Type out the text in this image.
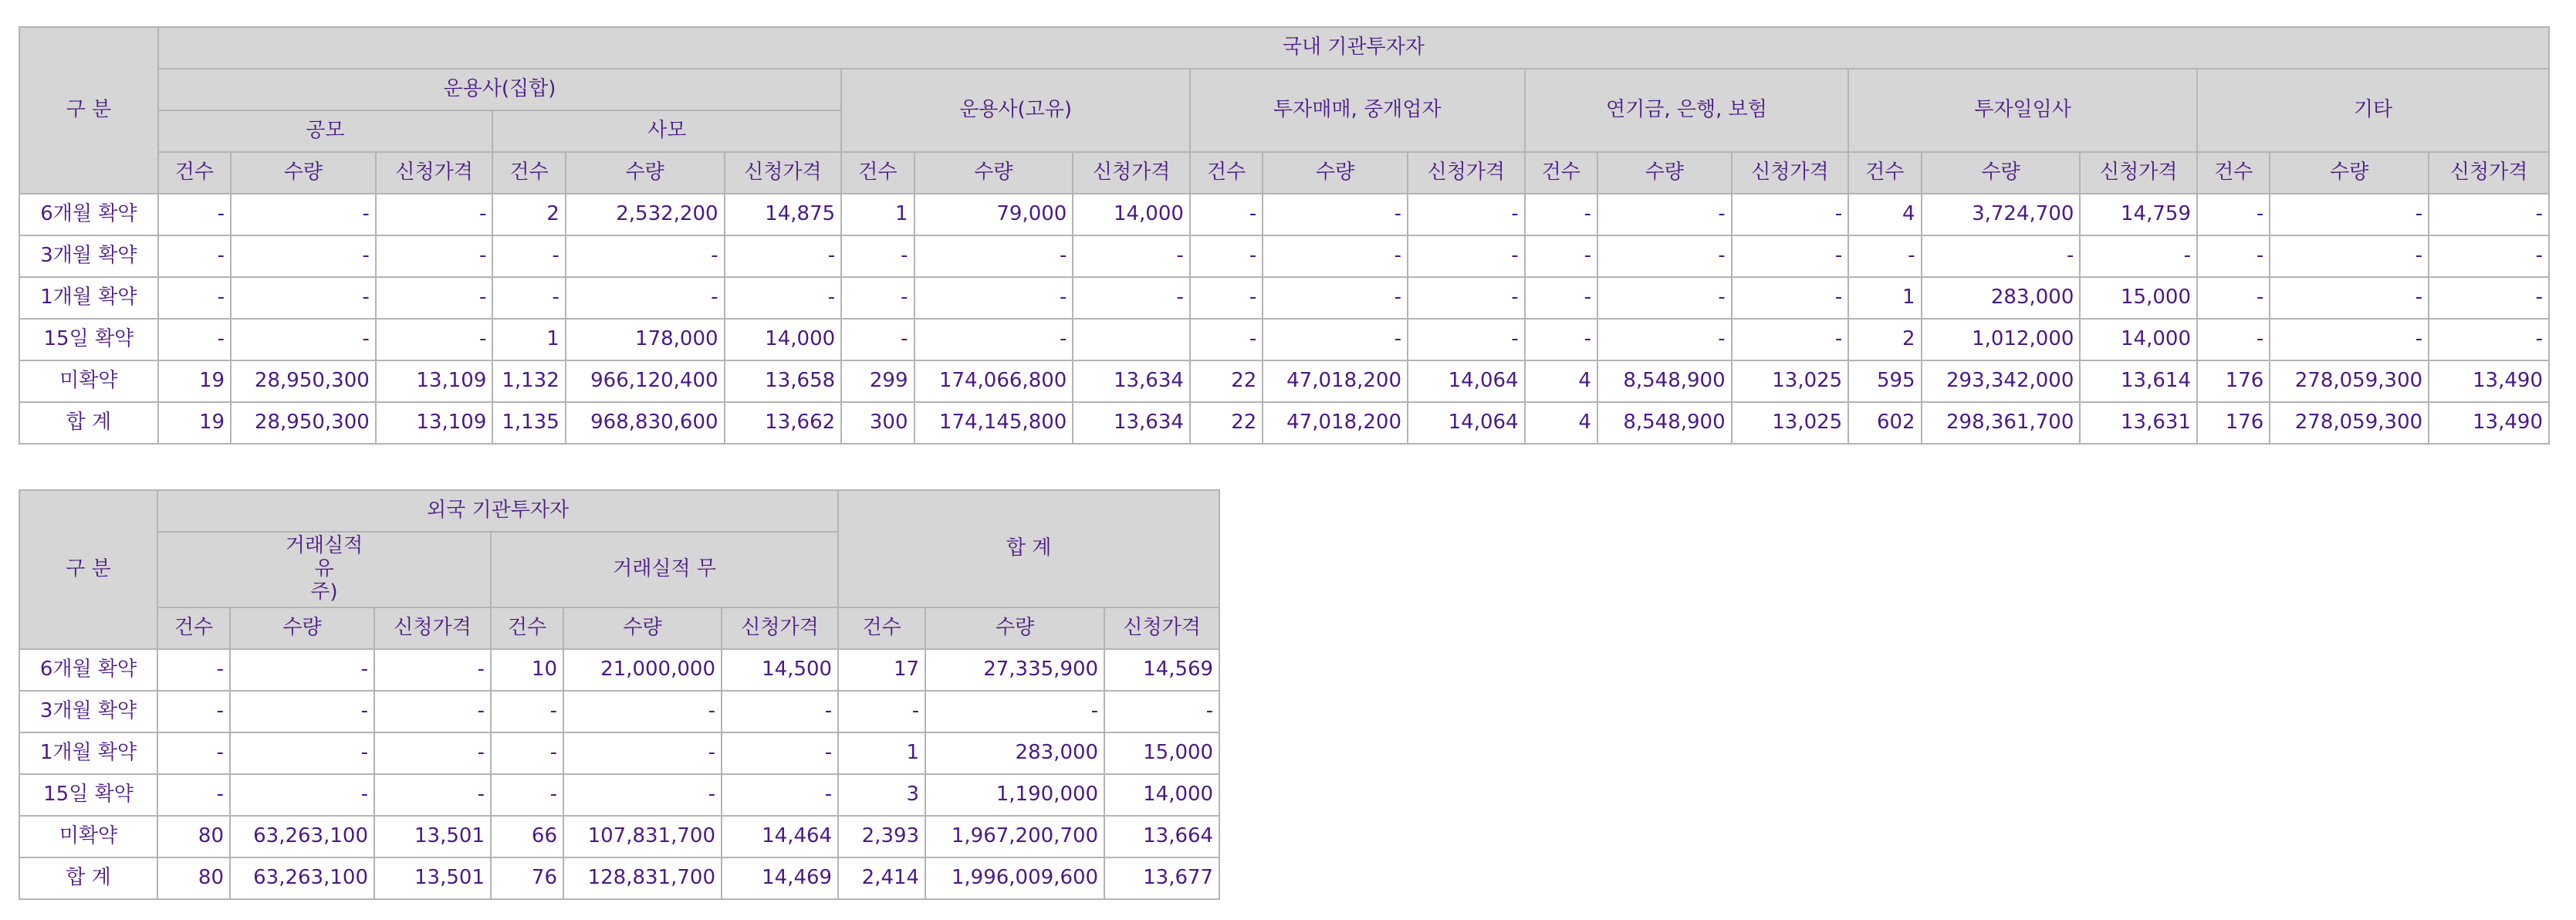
구 분	국내 기관투자자																				
	운용사(집합)						운용사(고유)			투자매매, 중개업자			연기금, 은행, 보험			투자일임사			기타		
	공모			사모																	
	건수	수량	신청가격	건수	수량	신청가격	건수	수량	신청가격	건수	수량	신청가격	건수	수량	신청가격	건수	수량	신청가격	건수	수량	신청가격
6개월 확약	-	-	-	2	2,532,200	14,875	1	79,000	14,000	-	-	-	-	-	-	4	3,724,700	14,759	-	-	-
3개월 확약	-	-	-	-	-	-	-	-	-	-	-	-	-	-	-	-	-	-	-	-	-
1개월 확약	-	-	-	-	-	-	-	-	-	-	-	-	-	-	-	1	283,000	15,000	-	-	-
15일 확약	-	-	-	1	178,000	14,000	-	-		-	-	-	-	-	-	2	1,012,000	14,000	-	-	-
미확약	19	28,950,300	13,109	1,132	966,120,400	13,658	299	174,066,800	13,634	22	47,018,200	14,064	4	8,548,900	13,025	595	293,342,000	13,614	176	278,059,300	13,490
합 계	19	28,950,300	13,109	1,135	968,830,600	13,662	300	174,145,800	13,634	22	47,018,200	14,064	4	8,548,900	13,025	602	298,361,700	13,631	176	278,059,300	13,490
구 분	외국 기관투자자						합 계		

	거래실적 유
주)			거래실적 무					
	건수	수량	신청가격	건수	수량	신청가격	건수	수량	신청가격
6개월 확약	-	-	-	10	21,000,000	14,500	17	27,335,900	14,569
3개월 확약	-	-	-	-	-	-	-	-	-
1개월 확약	-	-	-	-	-	-	1	283,000	15,000
15일 확약	-	-	-	-	-	-	3	1,190,000	14,000
미확약	80	63,263,100	13,501	66	107,831,700	14,464	2,393	1,967,200,700	13,664
합 계	80	63,263,100	13,501	76	128,831,700	14,469	2,414	1,996,009,600	13,677
